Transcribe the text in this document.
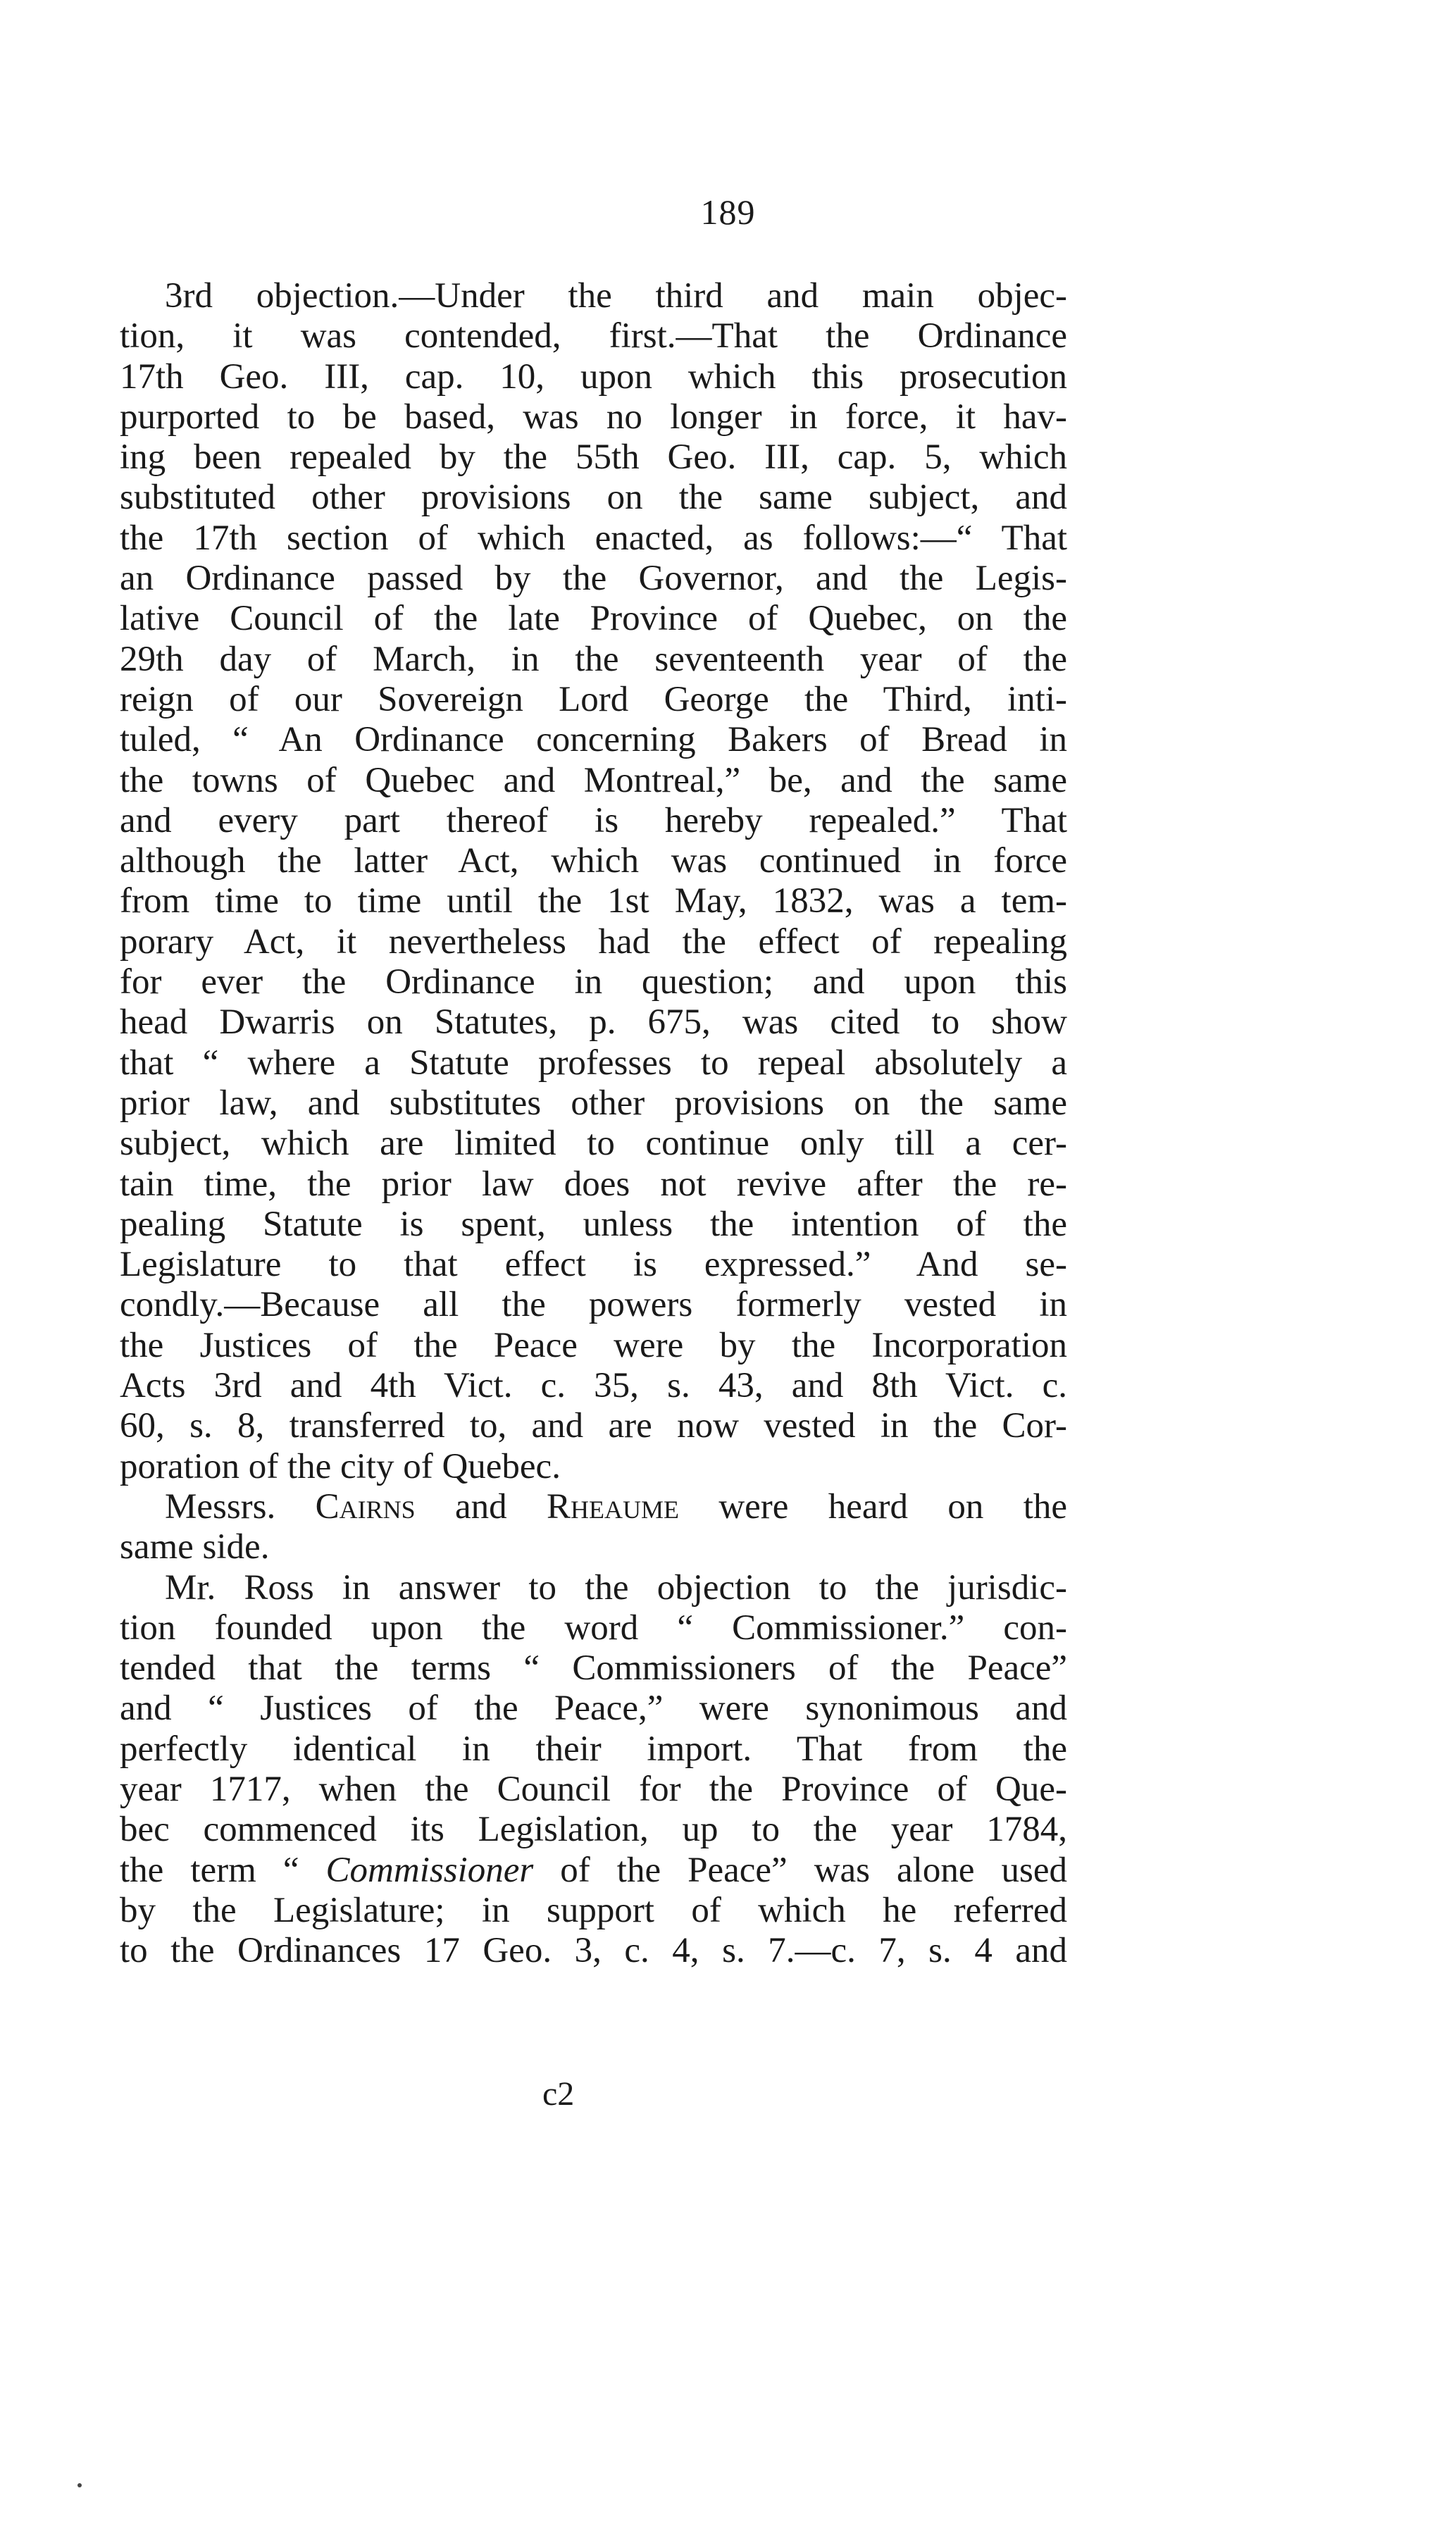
189
3rd objection.—Under the third and main objec-
tion, it was contended, first.—That the Ordinance
17th Geo. III, cap. 10, upon which this prosecution
purported to be based, was no longer in force, it hav-
ing been repealed by the 55th Geo. III, cap. 5, which
substituted other provisions on the same subject, and
the 17th section of which enacted, as follows:—“ That
an Ordinance passed by the Governor, and the Legis-
lative Council of the late Province of Quebec, on the
29th day of March, in the seventeenth year of the
reign of our Sovereign Lord George the Third, inti-
tuled, “ An Ordinance concerning Bakers of Bread in
the towns of Quebec and Montreal,” be, and the same
and every part thereof is hereby repealed.” That
although the latter Act, which was continued in force
from time to time until the 1st May, 1832, was a tem-
porary Act, it nevertheless had the effect of repealing
for ever the Ordinance in question; and upon this
head Dwarris on Statutes, p. 675, was cited to show
that “ where a Statute professes to repeal absolutely a
prior law, and substitutes other provisions on the same
subject, which are limited to continue only till a cer-
tain time, the prior law does not revive after the re-
pealing Statute is spent, unless the intention of the
Legislature to that effect is expressed.” And se-
condly.—Because all the powers formerly vested in
the Justices of the Peace were by the Incorporation
Acts 3rd and 4th Vict. c. 35, s. 43, and 8th Vict. c.
60, s. 8, transferred to, and are now vested in the Cor-
poration of the city of Quebec.
Messrs. Cairns and Rheaume were heard on the
same side.
Mr. Ross in answer to the objection to the jurisdic-
tion founded upon the word “ Commissioner.” con-
tended that the terms “ Commissioners of the Peace”
and “ Justices of the Peace,” were synonimous and
perfectly identical in their import. That from the
year 1717, when the Council for the Province of Que-
bec commenced its Legislation, up to the year 1784,
the term “ Commissioner of the Peace” was alone used
by the Legislature; in support of which he referred
to the Ordinances 17 Geo. 3, c. 4, s. 7.—c. 7, s. 4 and
c2
